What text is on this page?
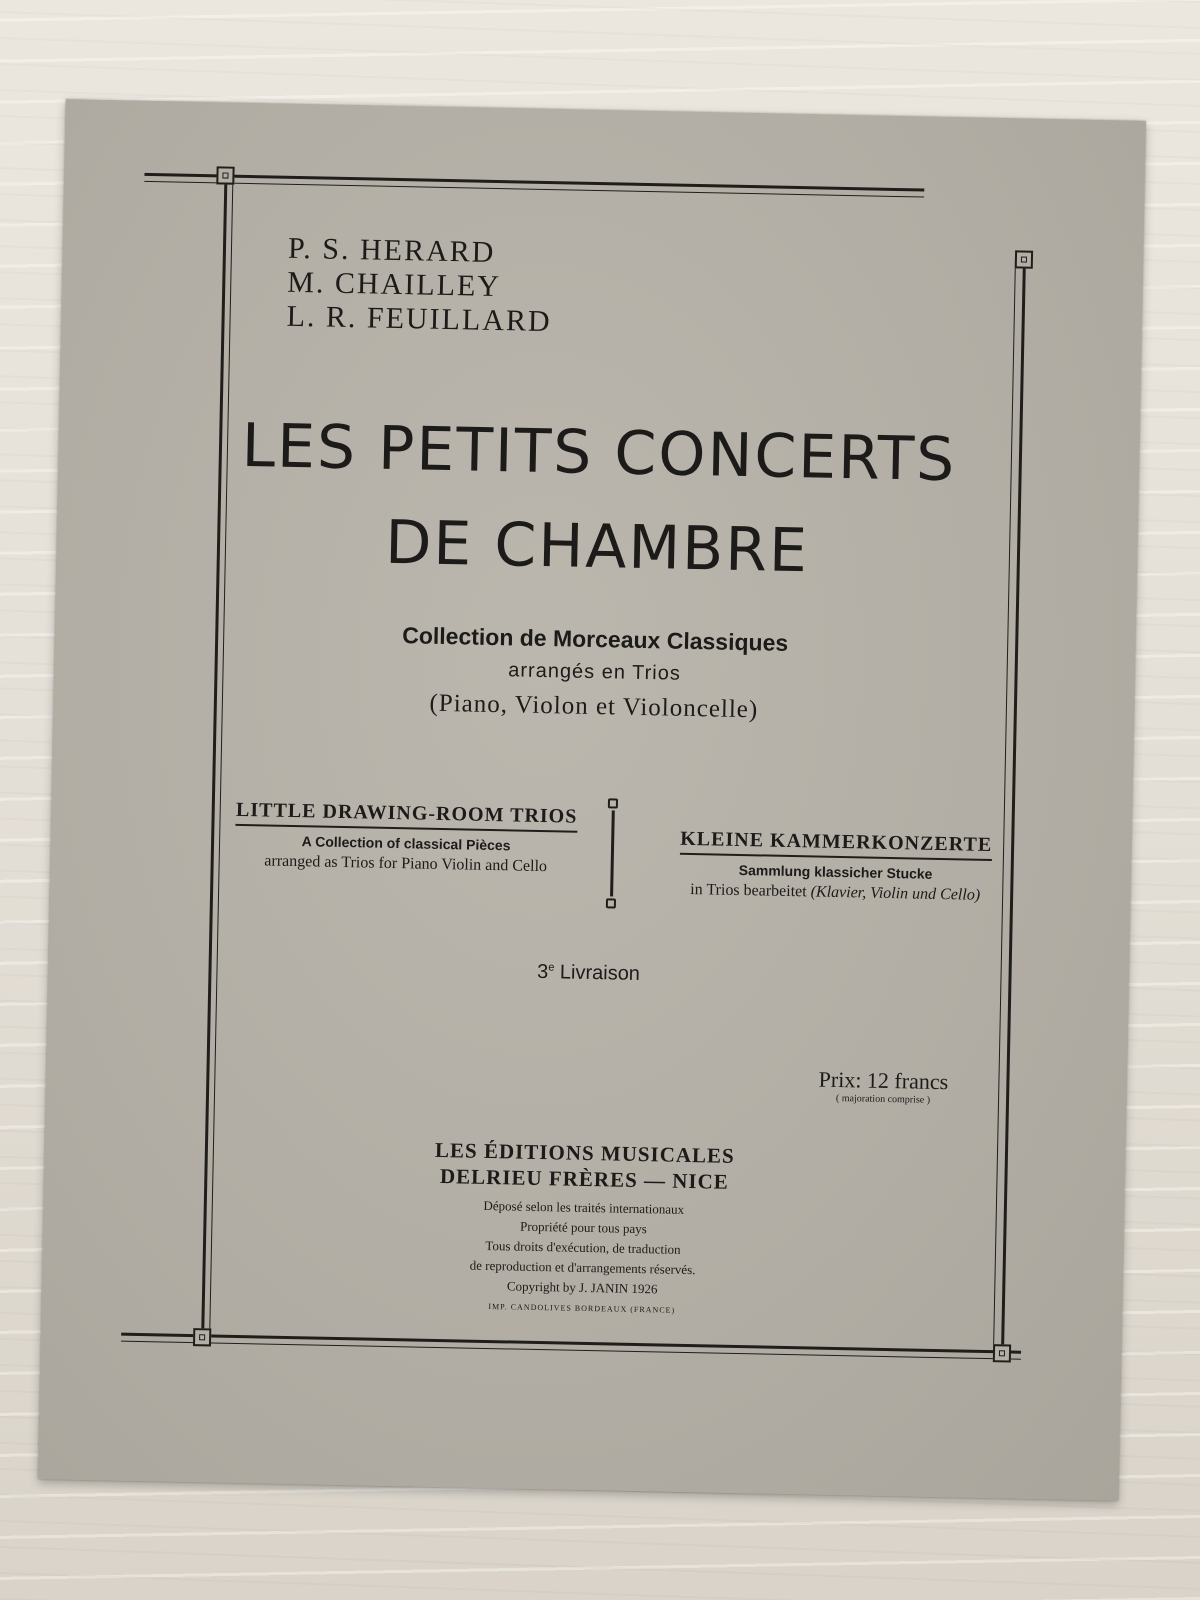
P. S. HERARD
M. CHAILLEY
L. R. FEUILLARD
LES PETITS CONCERTS
DE CHAMBRE
Collection de Morceaux Classiques
arrangés en Trios
(Piano, Violon et Violoncelle)
LITTLE DRAWING-ROOM TRIOS
A Collection of classical Pièces
arranged as Trios for Piano Violin and Cello
KLEINE KAMMERKONZERTE
Sammlung klassicher Stucke
in Trios bearbeitet (Klavier, Violin und Cello)
3e Livraison
Prix: 12 francs
( majoration comprise )
LES ÉDITIONS MUSICALES
DELRIEU FRÈRES — NICE
Déposé selon les traités internationaux
Propriété pour tous pays
Tous droits d'exécution, de traduction
de reproduction et d'arrangements réservés.
Copyright by J. JANIN 1926
IMP. CANDOLIVES BORDEAUX (FRANCE)
